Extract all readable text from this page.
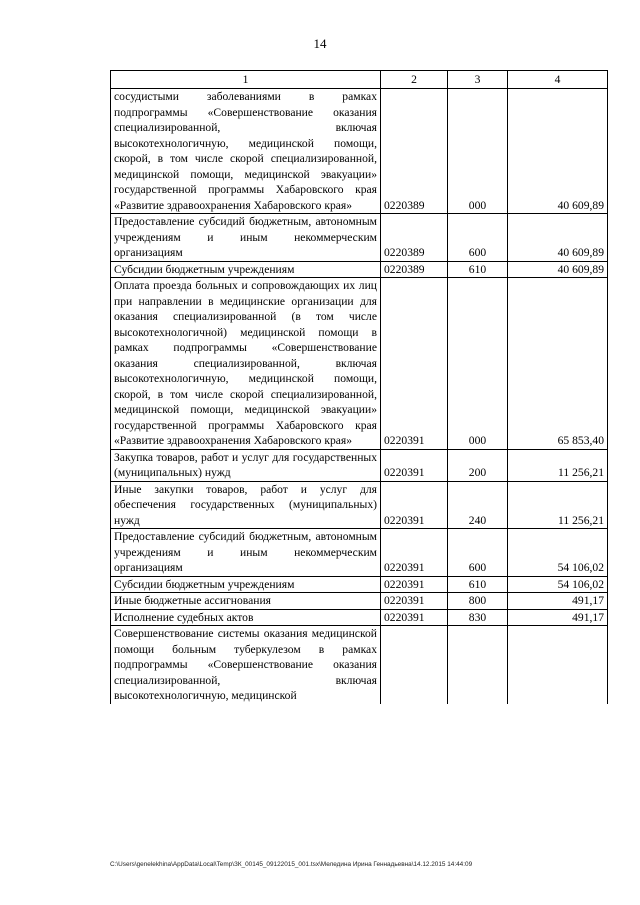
14
1	2	3	4
сосудистыми заболеваниями в рамках подпрограммы «Совершенствование оказания специализированной, включая высокотехнологичную, медицинской помощи, скорой, в том числе скорой специализированной, медицинской помощи, медицинской эвакуации» государственной программы Хабаровского края «Развитие здравоохранения Хабаровского края»	0220389	000	40 609,89
Предоставление субсидий бюджетным, автономным учреждениям и иным некоммерческим организациям	0220389	600	40 609,89
Субсидии бюджетным учреждениям	0220389	610	40 609,89
Оплата проезда больных и сопровождающих их лиц при направлении в медицинские организации для оказания специализированной (в том числе высокотехнологичной) медицинской помощи в рамках подпрограммы «Совершенствование оказания специализированной, включая высокотехнологичную, медицинской помощи, скорой, в том числе скорой специализированной, медицинской помощи, медицинской эвакуации» государственной программы Хабаровского края «Развитие здравоохранения Хабаровского края»	0220391	000	65 853,40
Закупка товаров, работ и услуг для государственных (муниципальных) нужд	0220391	200	11 256,21
Иные закупки товаров, работ и услуг для обеспечения государственных (муниципальных) нужд	0220391	240	11 256,21
Предоставление субсидий бюджетным, автономным учреждениям и иным некоммерческим организациям	0220391	600	54 106,02
Субсидии бюджетным учреждениям	0220391	610	54 106,02
Иные бюджетные ассигнования	0220391	800	491,17
Исполнение судебных актов	0220391	830	491,17
Совершенствование системы оказания медицинской помощи больным туберкулезом в рамках подпрограммы «Совершенствование оказания специализированной, включая высокотехнологичную, медицинской			
C:\Users\genelekhina\AppData\Local\Temp\ЗК_00145_09122015_001.tsx\Меледина Ирина Геннадьевна\14.12.2015 14:44:09
